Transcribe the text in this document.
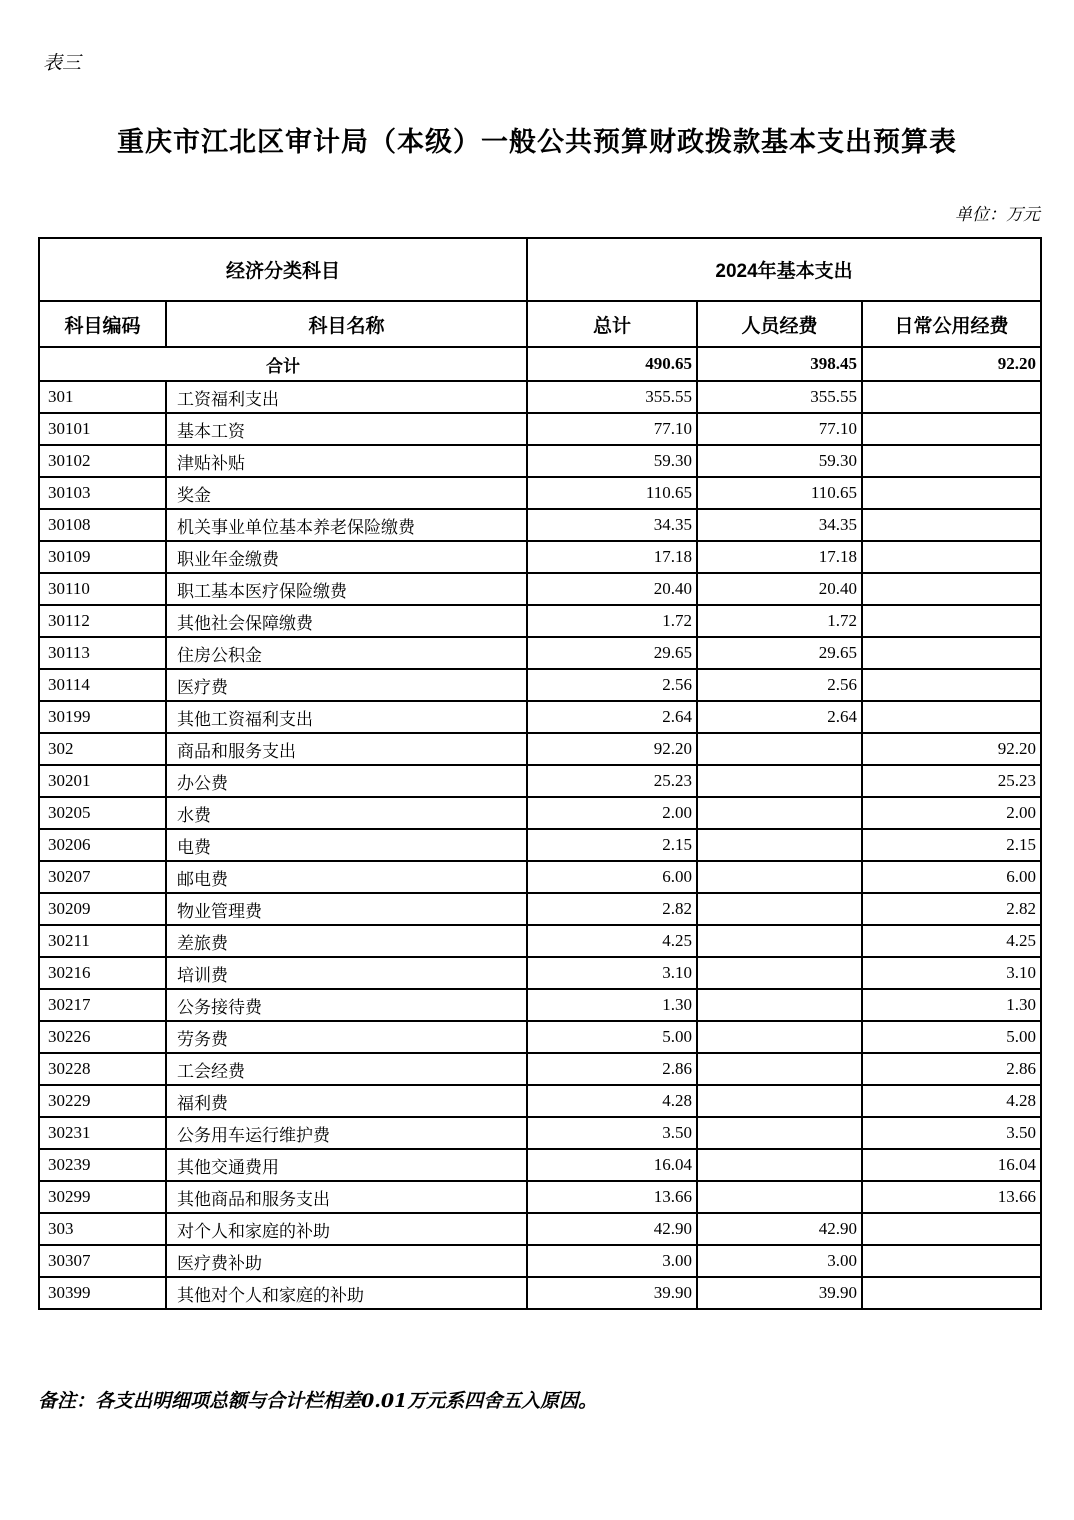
表三
重庆市江北区审计局（本级）一般公共预算财政拨款基本支出预算表
单位：万元
经济分类科目		2024年基本支出		
科目编码	科目名称	总计	人员经费	日常公用经费
合计		490.65	398.45	92.20
301	工资福利支出	355.55	355.55	
30101	基本工资	77.10	77.10	
30102	津贴补贴	59.30	59.30	
30103	奖金	110.65	110.65	
30108	机关事业单位基本养老保险缴费	34.35	34.35	
30109	职业年金缴费	17.18	17.18	
30110	职工基本医疗保险缴费	20.40	20.40	
30112	其他社会保障缴费	1.72	1.72	
30113	住房公积金	29.65	29.65	
30114	医疗费	2.56	2.56	
30199	其他工资福利支出	2.64	2.64	
302	商品和服务支出	92.20		92.20
30201	办公费	25.23		25.23
30205	水费	2.00		2.00
30206	电费	2.15		2.15
30207	邮电费	6.00		6.00
30209	物业管理费	2.82		2.82
30211	差旅费	4.25		4.25
30216	培训费	3.10		3.10
30217	公务接待费	1.30		1.30
30226	劳务费	5.00		5.00
30228	工会经费	2.86		2.86
30229	福利费	4.28		4.28
30231	公务用车运行维护费	3.50		3.50
30239	其他交通费用	16.04		16.04
30299	其他商品和服务支出	13.66		13.66
303	对个人和家庭的补助	42.90	42.90	
30307	医疗费补助	3.00	3.00	
30399	其他对个人和家庭的补助	39.90	39.90	
备注：各支出明细项总额与合计栏相差0.01万元系四舍五入原因。
